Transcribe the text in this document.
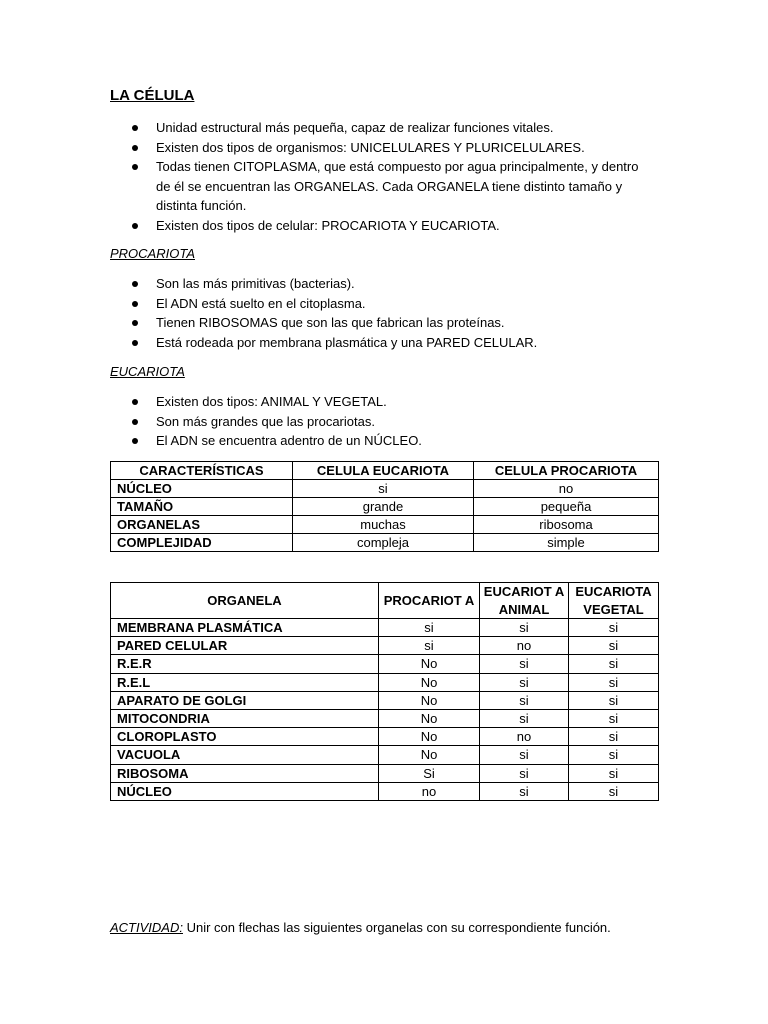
LA CÉLULA
Unidad estructural más pequeña, capaz de realizar funciones vitales.
Existen dos tipos de organismos: UNICELULARES Y PLURICELULARES.
Todas tienen CITOPLASMA, que está compuesto por agua principalmente, y dentro de él se encuentran las ORGANELAS. Cada ORGANELA tiene distinto tamaño y distinta función.
Existen dos tipos de celular: PROCARIOTA Y EUCARIOTA.
PROCARIOTA
Son las más primitivas (bacterias).
El ADN está suelto en el citoplasma.
Tienen RIBOSOMAS que son las que fabrican las proteínas.
Está rodeada por membrana plasmática y una PARED CELULAR.
EUCARIOTA
Existen dos tipos: ANIMAL Y VEGETAL.
Son más grandes que las procariotas.
El ADN se encuentra adentro de un NÚCLEO.
CARACTERÍSTICAS	CELULA EUCARIOTA	CELULA PROCARIOTA
NÚCLEO	si	no
TAMAÑO	grande	pequeña
ORGANELAS	muchas	ribosoma
COMPLEJIDAD	compleja	simple
ORGANELA	PROCARIOT A	EUCARIOT A ANIMAL	EUCARIOTA VEGETAL
MEMBRANA PLASMÁTICA	si	si	si
PARED CELULAR	si	no	si
R.E.R	No	si	si
R.E.L	No	si	si
APARATO DE GOLGI	No	si	si
MITOCONDRIA	No	si	si
CLOROPLASTO	No	no	si
VACUOLA	No	si	si
RIBOSOMA	Si	si	si
NÚCLEO	no	si	si
ACTIVIDAD: Unir con flechas las siguientes organelas con su correspondiente función.
